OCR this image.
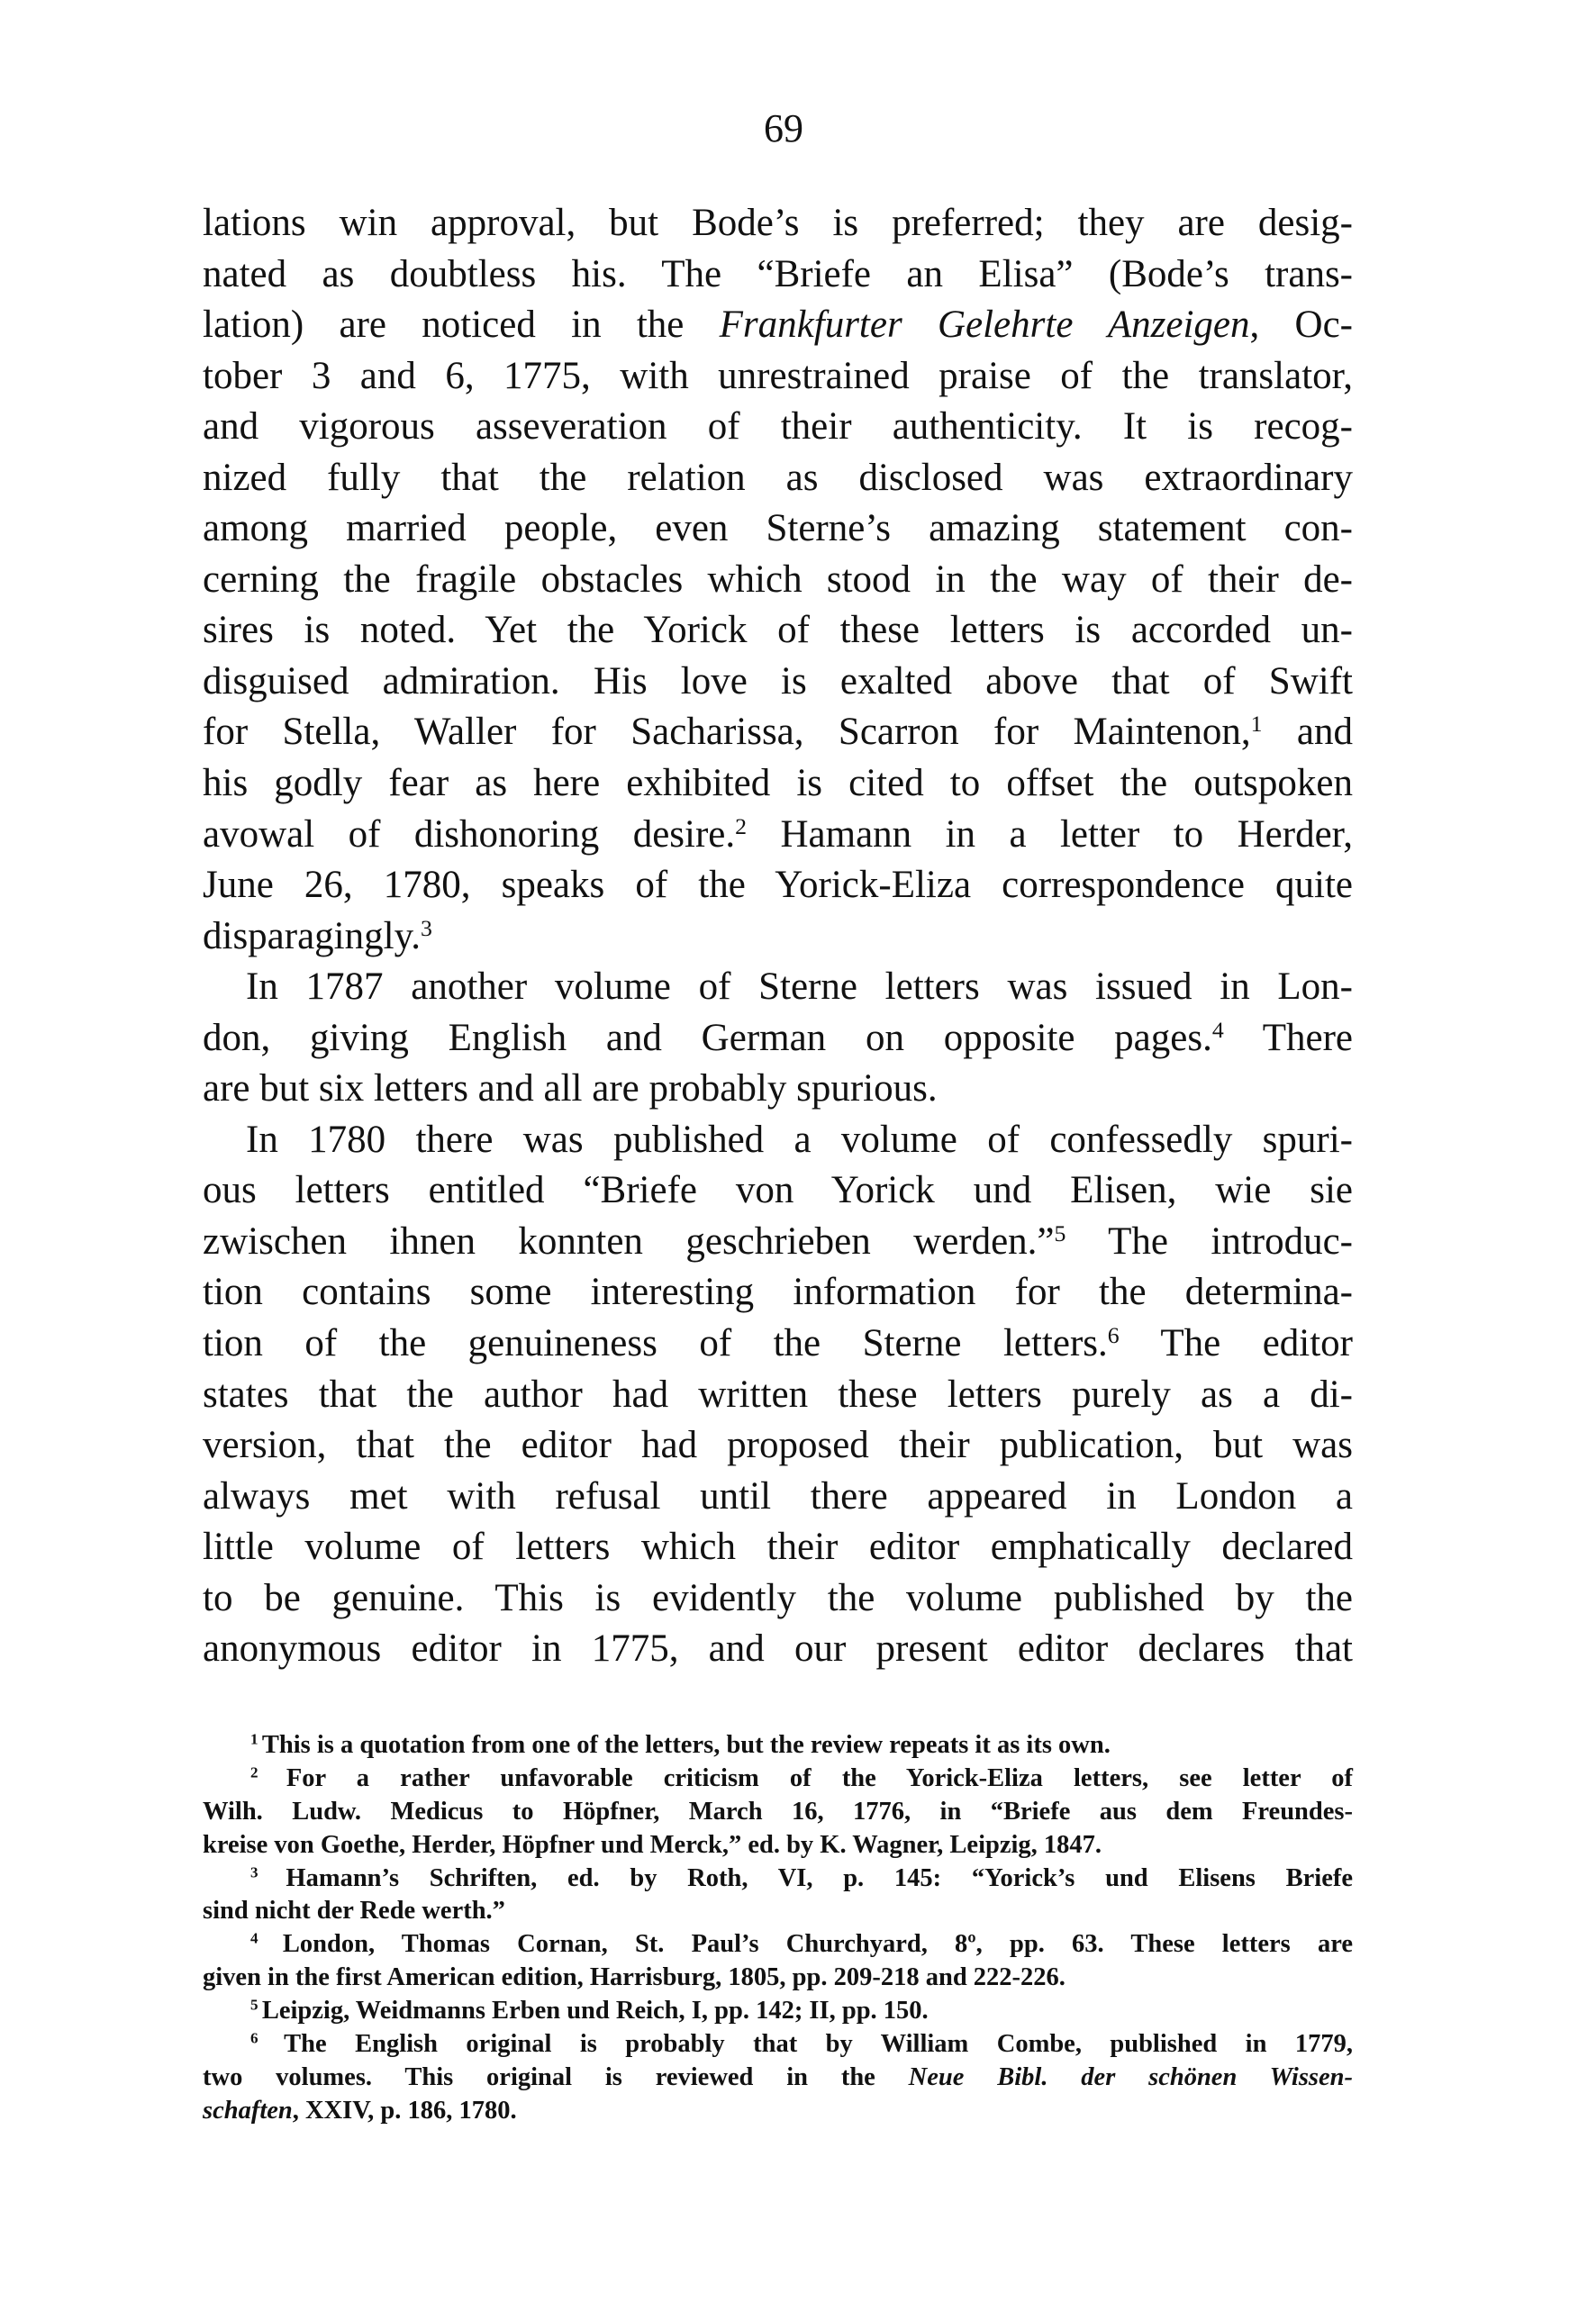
69
lations win approval, but Bode’s is preferred; they are desig-
nated as doubtless his. The “Briefe an Elisa” (Bode’s trans-
lation) are noticed in the Frankfurter Gelehrte Anzeigen, Oc-
tober 3 and 6, 1775, with unrestrained praise of the translator,
and vigorous asseveration of their authenticity. It is recog-
nized fully that the relation as disclosed was extraordinary
among married people, even Sterne’s amazing statement con-
cerning the fragile obstacles which stood in the way of their de-
sires is noted. Yet the Yorick of these letters is accorded un-
disguised admiration. His love is exalted above that of Swift
for Stella, Waller for Sacharissa, Scarron for Maintenon,$^1$ and
his godly fear as here exhibited is cited to offset the outspoken
avowal of dishonoring desire.$^2$ Hamann in a letter to Herder,
June 26, 1780, speaks of the Yorick-Eliza correspondence quite
disparagingly.$^3$
In 1787 another volume of Sterne letters was issued in Lon-
don, giving English and German on opposite pages.$^4$ There
are but six letters and all are probably spurious.
In 1780 there was published a volume of confessedly spuri-
ous letters entitled “Briefe von Yorick und Elisen, wie sie
zwischen ihnen konnten geschrieben werden.”$^5$ The introduc-
tion contains some interesting information for the determina-
tion of the genuineness of the Sterne letters.$^6$ The editor
states that the author had written these letters purely as a di-
version, that the editor had proposed their publication, but was
always met with refusal until there appeared in London a
little volume of letters which their editor emphatically declared
to be genuine. This is evidently the volume published by the
anonymous editor in 1775, and our present editor declares that
$^1$ This is a quotation from one of the letters, but the review repeats it as its own.
$^2$ For a rather unfavorable criticism of the Yorick-Eliza letters, see letter of
Wilh. Ludw. Medicus to Höpfner, March 16, 1776, in “Briefe aus dem Freundes-
kreise von Goethe, Herder, Höpfner und Merck,” ed. by K. Wagner, Leipzig, 1847.
$^3$ Hamann’s Schriften, ed. by Roth, VI, p. 145: “Yorick’s und Elisens Briefe
sind nicht der Rede werth.”
$^4$ London, Thomas Cornan, St. Paul’s Churchyard, 8º, pp. 63. These letters are
given in the first American edition, Harrisburg, 1805, pp. 209-218 and 222-226.
$^5$ Leipzig, Weidmanns Erben und Reich, I, pp. 142; II, pp. 150.
$^6$ The English original is probably that by William Combe, published in 1779,
two volumes. This original is reviewed in the Neue Bibl. der schönen Wissen-
schaften, XXIV, p. 186, 1780.
